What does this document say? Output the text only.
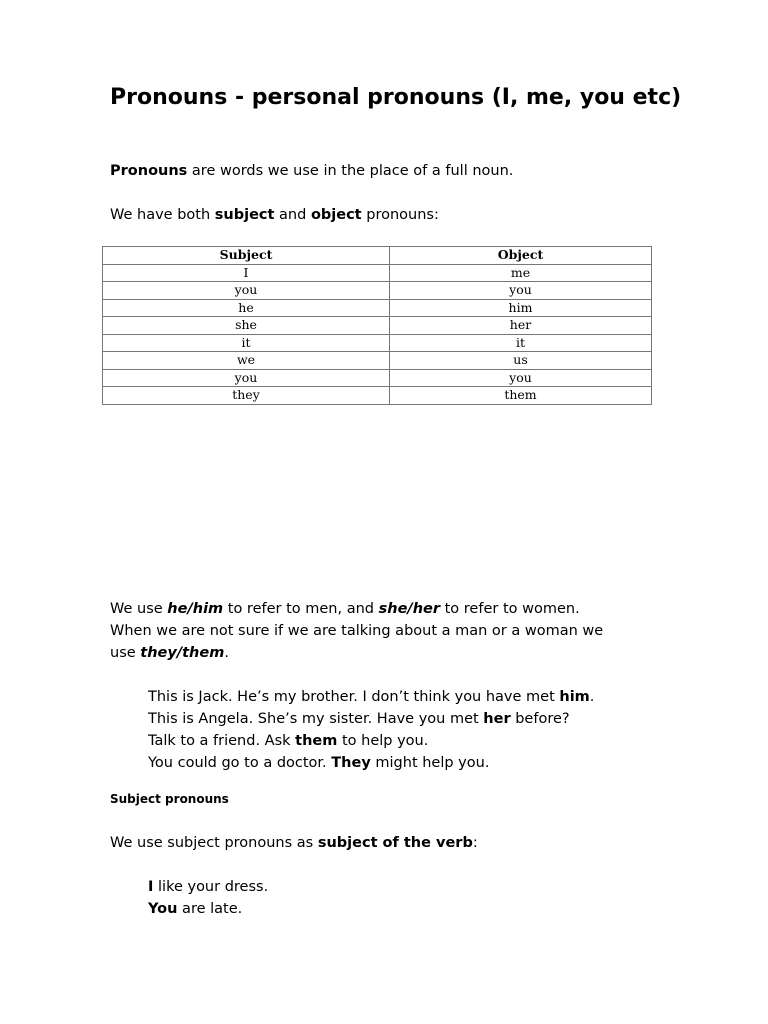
Pronouns - personal pronouns (I, me, you etc)

Pronouns are words we use in the place of a full noun.

We have both subject and object pronouns:

Subject	Object
I	me
you	you
he	him
she	her
it	it
we	us
you	you
they	them

We use he/him to refer to men, and she/her to refer to women.

When we are not sure if we are talking about a man or a woman we

use they/them.

This is Jack. He’s my brother. I don’t think you have met him.

This is Angela. She’s my sister. Have you met her before?

Talk to a friend. Ask them to help you.

You could go to a doctor. They might help you.

Subject pronouns

We use subject pronouns as subject of the verb:

I like your dress.

You are late.
